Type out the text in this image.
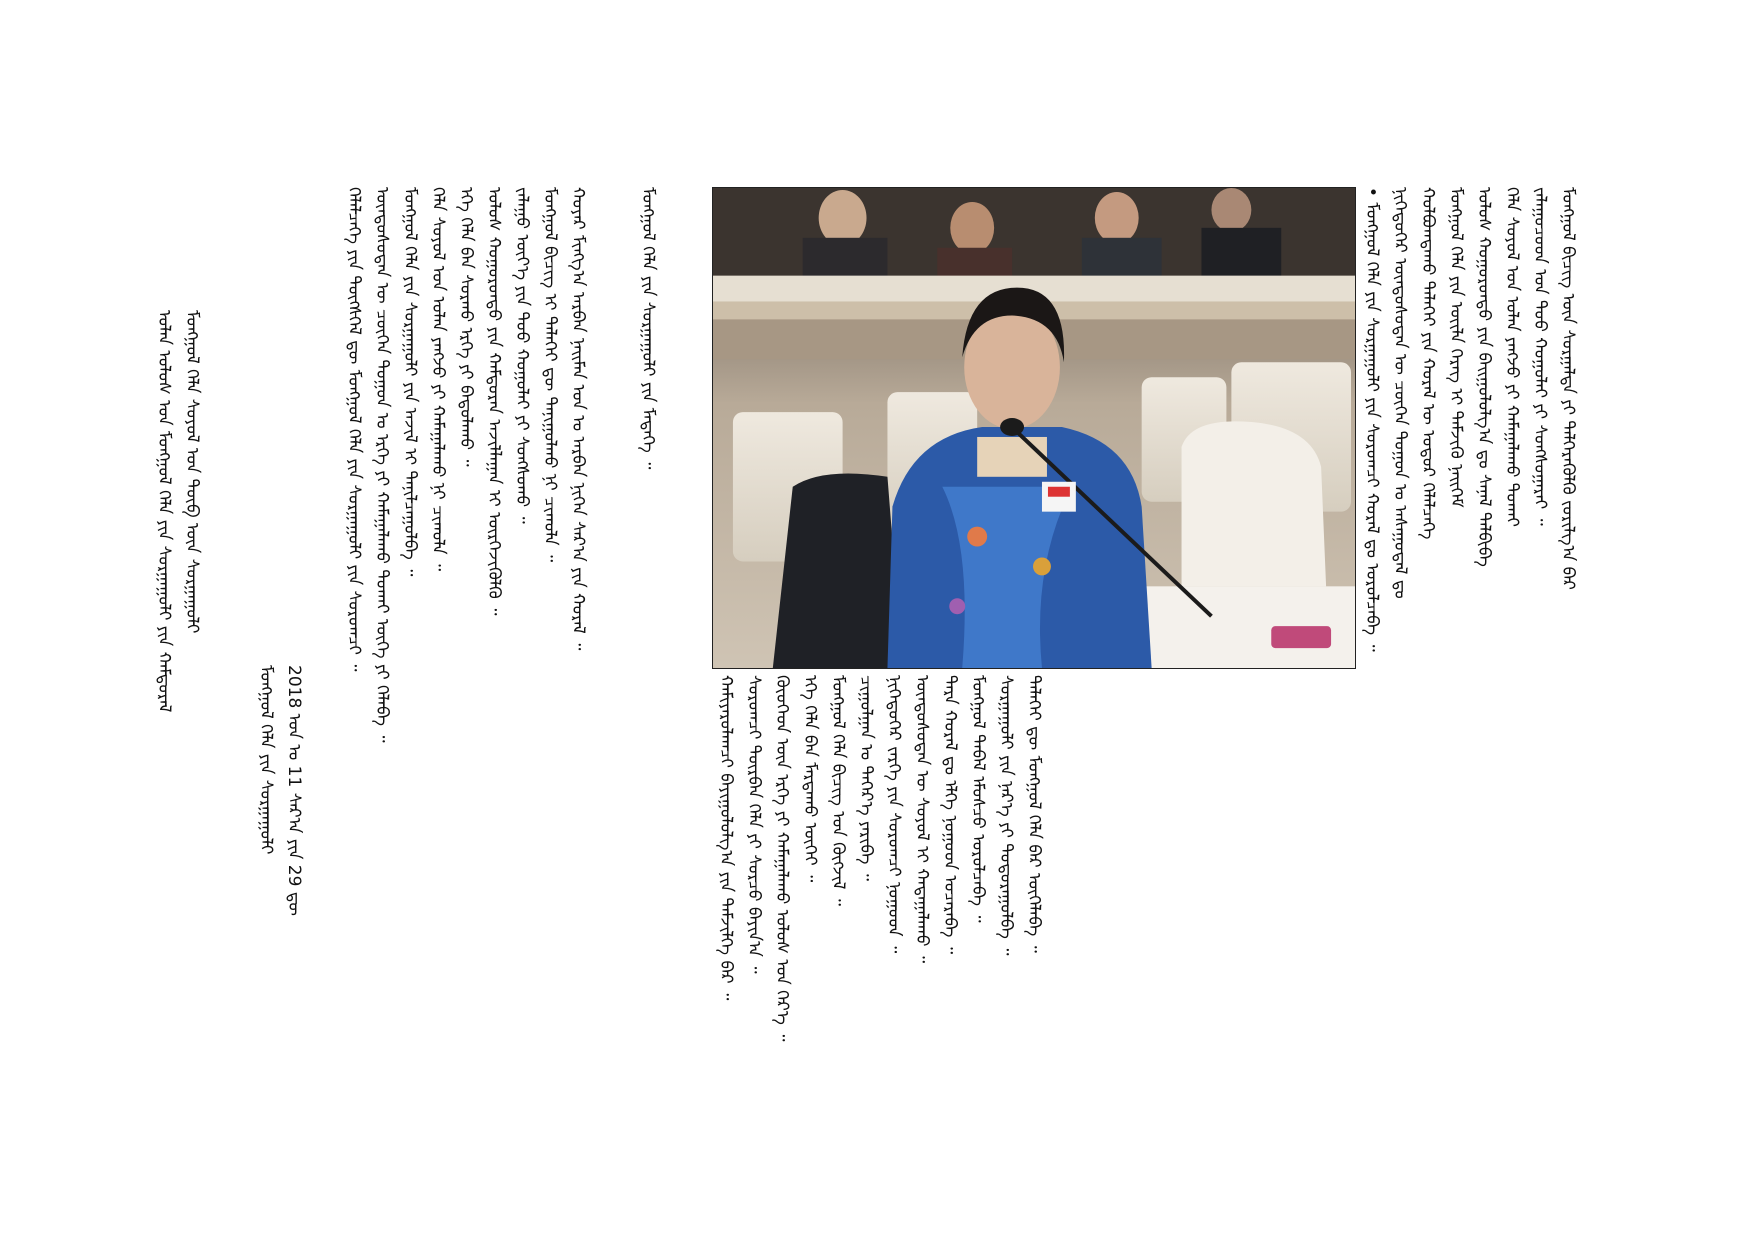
• ᠮᠣᠩᠭᠣᠯ ᠬᠡᠯᠡ ᠶᠢᠨ ᠰᠤᠷᠭᠠᠭᠤᠯᠢ ᠶᠢᠨ ᠰᠤᠷᠤᠭᠴᠢ ᠬᠤᠷᠠᠯ ᠳᠤ ᠣᠷᠤᠯᠴᠠᠪᠠ ᠃ ᠨᠢᠭᠡᠳᠦᠭᠡᠷ ᠦᠨᠳᠦᠰᠦᠲᠡᠨ ᠦ ᠴᠥᠭᠡᠨ ᠳᠣᠭᠤᠨ ᠤ ᠠᠰᠠᠭᠤᠳᠠᠯ ᠳᠤ ᠬᠣᠯᠪᠣᠭᠳᠠᠬᠤ ᠳᠡᠯᠡᠬᠡᠢ ᠶᠢᠨ ᠬᠤᠷᠠᠯ ᠦ ᠤᠳᠤᠷ ᠬᠡᠯᠡᠯᠴᠡᠭᠡ ᠮᠣᠩᠭᠣᠯ ᠬᠡᠯᠡ ᠶᠢᠨ ᠦᠢᠯᠡ ᠬᠡᠷᠡᠭ ᠢ ᠳᠡᠮᠵᠢᠬᠦ ᠨᠡᠢᠭᠡᠮ ᠤᠯᠤᠰ ᠬᠣᠭᠣᠷᠣᠨᠳᠤ ᠶᠢᠨ ᠪᠠᠢᠭᠤᠯᠤᠯᠭ᠎ᠠ ᠳᠤ ᠰᠠᠨᠠᠯ ᠲᠠᠯᠪᠢᠪᠠ ᠬᠡᠯᠡ ᠰᠣᠶᠣᠯ ᠤᠨ ᠣᠯᠠᠨ ᠶᠠᠩᠵᠤ ᠶᠢ ᠬᠠᠮᠠᠭᠠᠯᠠᠬᠤ ᠲᠤᠬᠠᠢ ᠵᠠᠯᠠᠭᠤᠴᠤᠳ ᠤᠨ ᠳᠤᠤ ᠬᠣᠭᠣᠯᠠᠢ ᠶᠢ ᠰᠣᠩᠰᠣᠭᠠᠷᠠᠢ ᠃ ᠮᠣᠩᠭᠣᠯ ᠪᠢᠴᠢᠭ᠌ ᠦᠨ ᠰᠤᠷᠭᠠᠯᠲᠠ ᠶᠢ ᠳᠡᠯᠭᠡᠷᠡᠭᠦᠯᠬᠦ ᠵᠣᠷᠢᠯᠭ᠎ᠠ ᠪᠠᠷ
ᠬᠠᠮᠢᠶᠠᠷᠤᠯᠠᠭᠴᠢ ᠪᠠᠶᠢᠭᠤᠯᠤᠯᠭ᠎ᠠ ᠶᠢᠨ ᠳᠡᠮᠵᠢᠯᠭᠡ ᠪᠡᠷ ᠃ ᠰᠤᠷᠤᠭᠴᠢ ᠳᠦᠷᠪᠡᠨ ᠬᠡᠯᠡ ᠶᠢ ᠰᠤᠷᠴᠤ ᠪᠠᠶᠢᠨ᠎ᠠ ᠃ ᠬᠦᠦᠬᠡᠳ ᠦᠨ ᠡᠷᠬᠡ ᠶᠢ ᠬᠠᠮᠠᠭᠠᠯᠠᠬᠤ ᠤᠯᠤᠰ ᠤᠨ ᠭᠡᠷ᠎ᠡ ᠃ ᠡᠬᠡ ᠬᠡᠯᠡ ᠪᠡᠨ ᠮᠠᠷᠲᠠᠬᠤ ᠦᠭᠡᠢ ᠃ ᠮᠣᠩᠭᠣᠯ ᠬᠡᠯᠡ ᠪᠢᠴᠢᠭ᠌ ᠤᠨ ᠬᠥᠭᠵᠢᠯ ᠃ ᠴᠢᠭᠤᠯᠭᠠᠨ ᠤ ᠳᠡᠭᠡᠷ᠎ᠡ ᠶᠠᠷᠢᠪᠠ ᠃ ᠨᠢᠭᠡᠳᠦᠭᠡᠷ ᠵᠡᠷᠭᠡ ᠶᠢᠨ ᠰᠤᠷᠤᠭᠴᠢ ᠨᠤᠭᠤᠳ ᠃ ᠦᠨᠳᠦᠰᠦᠲᠡᠨ ᠦ ᠰᠣᠶᠣᠯ ᠢ ᠬᠠᠳᠠᠭᠠᠯᠠᠬᠤ ᠃ ᠲᠡᠷᠡ ᠬᠤᠷᠠᠯ ᠳᠤ ᠡᠯᠭᠡ ᠨᠤᠭᠤᠳ ᠤᠴᠠᠷᠠᠪᠠ ᠃ ᠮᠣᠩᠭᠣᠯ ᠳᠡᠪᠡᠯ ᠡᠮᠦᠰᠴᠦ ᠣᠷᠤᠯᠴᠠᠪᠠ ᠃ ᠰᠤᠷᠭᠠᠭᠤᠯᠢ ᠶᠢᠨ ᠨᠡᠷ᠎ᠡ ᠶᠢ ᠲᠣᠳᠣᠷᠠᠭᠤᠯᠪᠠ ᠃ ᠳᠡᠯᠡᠬᠡᠢ ᠳᠦ ᠮᠣᠩᠭᠣᠯ ᠬᠡᠯᠡ ᠪᠠᠷ ᠦᠭᠡᠯᠡᠪᠡ ᠃
ᠮᠣᠩᠭᠣᠯ ᠬᠡᠯᠡ ᠶᠢᠨ ᠰᠤᠷᠭᠠᠭᠤᠯᠢ ᠶᠢᠨ ᠮᠡᠳᠡᠭᠡ ᠃
ᠬᠡᠯᠡᠯᠴᠡᠭᠡ ᠶᠢᠨ ᠲᠥᠭᠰᠭᠡᠯ ᠳᠦ ᠮᠣᠩᠭᠣᠯ ᠬᠡᠯᠡ ᠶᠢᠨ ᠰᠤᠷᠭᠠᠭᠤᠯᠢ ᠶᠢᠨ ᠰᠤᠷᠤᠭᠴᠢ ᠃ ᠦᠨᠳᠦᠰᠦᠲᠡᠨ ᠦ ᠴᠥᠭᠡᠨ ᠳᠣᠭᠤᠨ ᠤ ᠡᠷᠬᠡ ᠶᠢ ᠬᠠᠮᠠᠭᠠᠯᠠᠬᠤ ᠲᠤᠬᠠᠢ ᠦᠭᠡ ᠶᠢ ᠬᠡᠯᠡᠪᠡ ᠃ ᠮᠣᠩᠭᠣᠯ ᠬᠡᠯᠡ ᠶᠢᠨ ᠰᠤᠷᠭᠠᠭᠤᠯᠢ ᠶᠢᠨ ᠠᠵᠢᠯ ᠢ ᠲᠠᠨᠢᠯᠴᠠᠭᠤᠯᠪᠠ ᠃ ᠬᠡᠯᠡ ᠰᠣᠶᠣᠯ ᠤᠨ ᠣᠯᠠᠨ ᠶᠠᠩᠵᠤ ᠶᠢ ᠬᠠᠮᠠᠭᠠᠯᠠᠬᠤ ᠨᠢ ᠴᠢᠬᠤᠯᠠ ᠃ ᠡᠬᠡ ᠬᠡᠯᠡ ᠪᠡᠨ ᠰᠤᠷᠬᠤ ᠡᠷᠬᠡ ᠶᠢ ᠪᠠᠲᠤᠯᠠᠬᠤ ᠃ ᠤᠯᠤᠰ ᠬᠣᠭᠣᠷᠣᠨᠳᠤ ᠶᠢᠨ ᠬᠠᠮᠲᠤᠷᠠᠨ ᠠᠵᠢᠯᠯᠠᠭᠠᠨ ᠢ ᠥᠷᠭᠡᠵᠢᠭᠦᠯᠬᠦ ᠃ ᠵᠠᠯᠠᠭᠤ ᠦᠶ᠎ᠡ ᠶᠢᠨ ᠳᠤᠤ ᠬᠣᠭᠣᠯᠠᠢ ᠶᠢ ᠰᠣᠩᠰᠣᠬᠤ ᠃ ᠮᠣᠩᠭᠣᠯ ᠪᠢᠴᠢᠭ᠌ ᠢ ᠳᠡᠯᠡᠬᠡᠢ ᠳᠦ ᠲᠠᠨᠢᠭᠤᠯᠬᠤ ᠨᠢ ᠴᠢᠬᠤᠯᠠ ᠃ ᠬᠣᠶᠠᠷ ᠮᠢᠩᠭ᠎ᠠ ᠠᠷᠪᠠᠨ ᠨᠠᠢᠮᠠᠨ ᠣᠨ ᠤ ᠠᠷᠪᠠᠨ ᠨᠢᠭᠡᠨ ᠰᠠᠷ᠎ᠠ ᠶᠢᠨ ᠬᠤᠷᠠᠯ ᠃
ᠮᠣᠩᠭᠣᠯ ᠬᠡᠯᠡ ᠶᠢᠨ ᠰᠤᠷᠭᠠᠭᠤᠯᠢ 2018 ᠣᠨ ᠤ 11 ᠰᠠᠷ᠎ᠠ ᠶᠢᠨ 29 ᠳᠦ
ᠣᠯᠠᠨ ᠤᠯᠤᠰ ᠤᠨ ᠮᠣᠩᠭᠣᠯ ᠬᠡᠯᠡ ᠶᠢᠨ ᠰᠤᠷᠭᠠᠭᠤᠯᠢ ᠶᠢᠨ ᠬᠠᠮᠲᠤᠷᠠᠯ ᠮᠣᠩᠭᠣᠯ ᠬᠡᠯᠡ ᠰᠣᠶᠣᠯ ᠤᠨ ᠲᠥᠪ ᠦᠨ ᠰᠤᠷᠭᠠᠭᠤᠯᠢ
